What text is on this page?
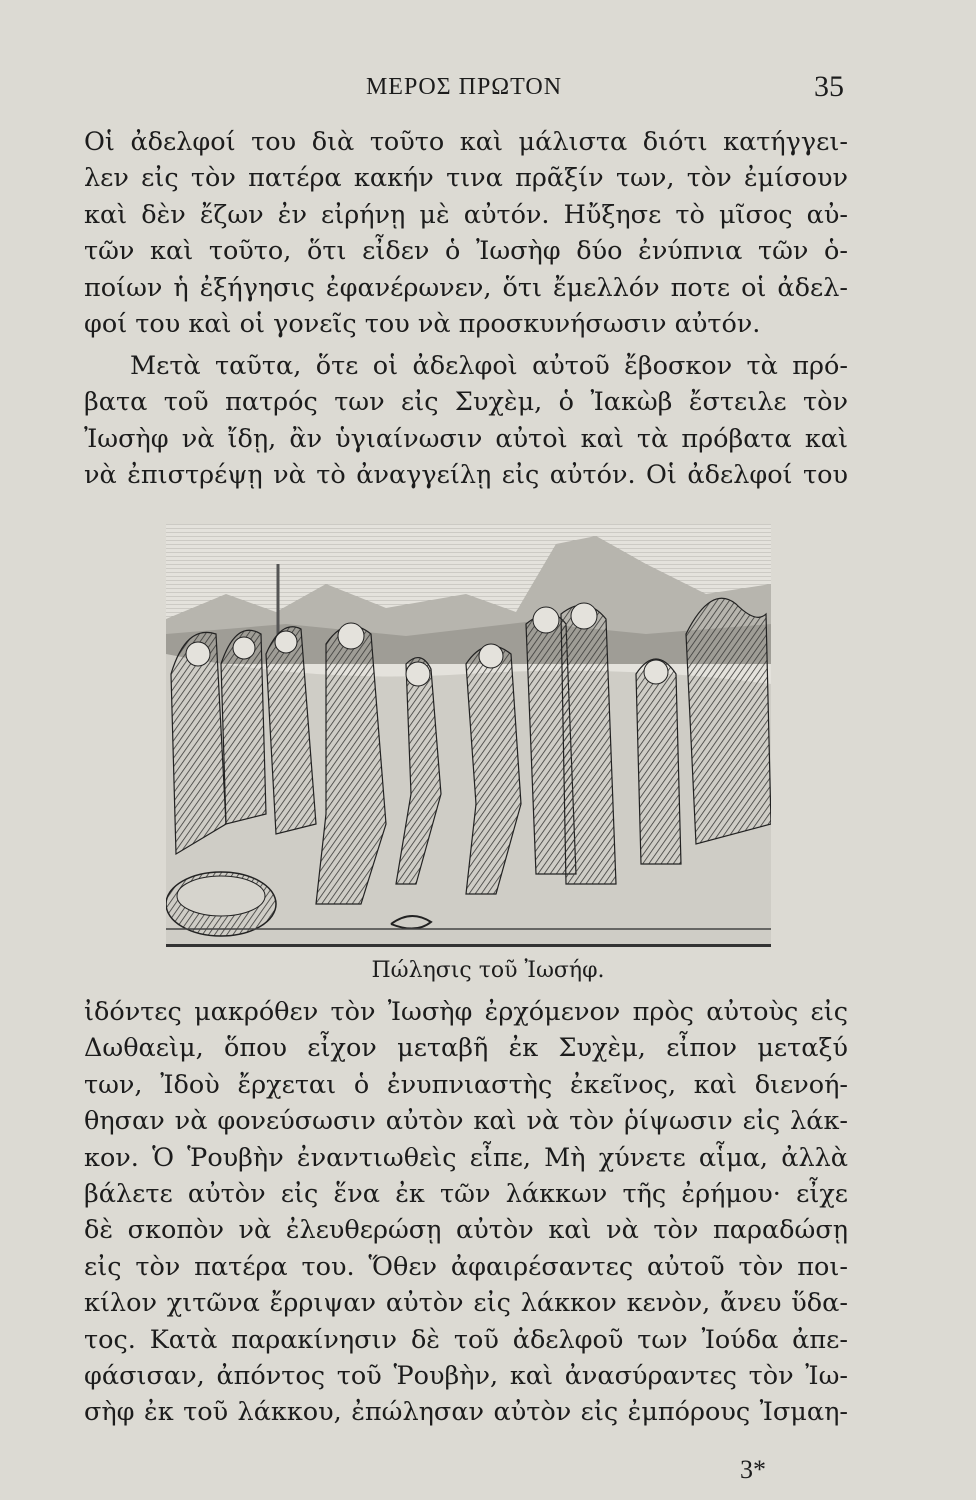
ΜΕΡΟΣ ΠΡΩΤΟΝ	35
Οἱ ἀδελφοί του διὰ τοῦτο καὶ μάλιστα διότι κατήγγει-
λεν εἰς τὸν πατέρα κακήν τινα πρᾶξίν των, τὸν ἐμίσουν
καὶ δὲν ἔζων ἐν εἰρήνῃ μὲ αὐτόν. Ηὔξησε τὸ μῖσος αὐ-
τῶν καὶ τοῦτο, ὅτι εἶδεν ὁ Ἰωσὴφ δύο ἐνύπνια τῶν ὁ-
ποίων ἡ ἐξήγησις ἐφανέρωνεν, ὅτι ἔμελλόν ποτε οἱ ἀδελ-
φοί του καὶ οἱ γονεῖς του νὰ προσκυνήσωσιν αὐτόν.
Μετὰ ταῦτα, ὅτε οἱ ἀδελφοὶ αὐτοῦ ἔβοσκον τὰ πρό-
βατα τοῦ πατρός των εἰς Συχὲμ, ὁ Ἰακὼβ ἔστειλε τὸν
Ἰωσὴφ νὰ ἴδῃ, ἂν ὑγιαίνωσιν αὐτοὶ καὶ τὰ πρόβατα καὶ
νὰ ἐπιστρέψῃ νὰ τὸ ἀναγγείλῃ εἰς αὐτόν. Οἱ ἀδελφοί του
Πώλησις τοῦ Ἰωσήφ.
ἰδόντες μακρόθεν τὸν Ἰωσὴφ ἐρχόμενον πρὸς αὐτοὺς εἰς
Δωθαεὶμ, ὅπου εἶχον μεταβῆ ἐκ Συχὲμ, εἶπον μεταξύ
των, Ἰδοὺ ἔρχεται ὁ ἐνυπνιαστὴς ἐκεῖνος, καὶ διενοή-
θησαν νὰ φονεύσωσιν αὐτὸν καὶ νὰ τὸν ῥίψωσιν εἰς λάκ-
κον. Ὁ Ῥουβὴν ἐναντιωθεὶς εἶπε, Μὴ χύνετε αἷμα, ἀλλὰ
βάλετε αὐτὸν εἰς ἕνα ἐκ τῶν λάκκων τῆς ἐρήμου· εἶχε
δὲ σκοπὸν νὰ ἐλευθερώσῃ αὐτὸν καὶ νὰ τὸν παραδώσῃ
εἰς τὸν πατέρα του. Ὅθεν ἀφαιρέσαντες αὐτοῦ τὸν ποι-
κίλον χιτῶνα ἔρριψαν αὐτὸν εἰς λάκκον κενὸν, ἄνευ ὕδα-
τος. Κατὰ παρακίνησιν δὲ τοῦ ἀδελφοῦ των Ἰούδα ἀπε-
φάσισαν, ἀπόντος τοῦ Ῥουβὴν, καὶ ἀνασύραντες τὸν Ἰω-
σὴφ ἐκ τοῦ λάκκου, ἐπώλησαν αὐτὸν εἰς ἐμπόρους Ἰσμαη-
3*
